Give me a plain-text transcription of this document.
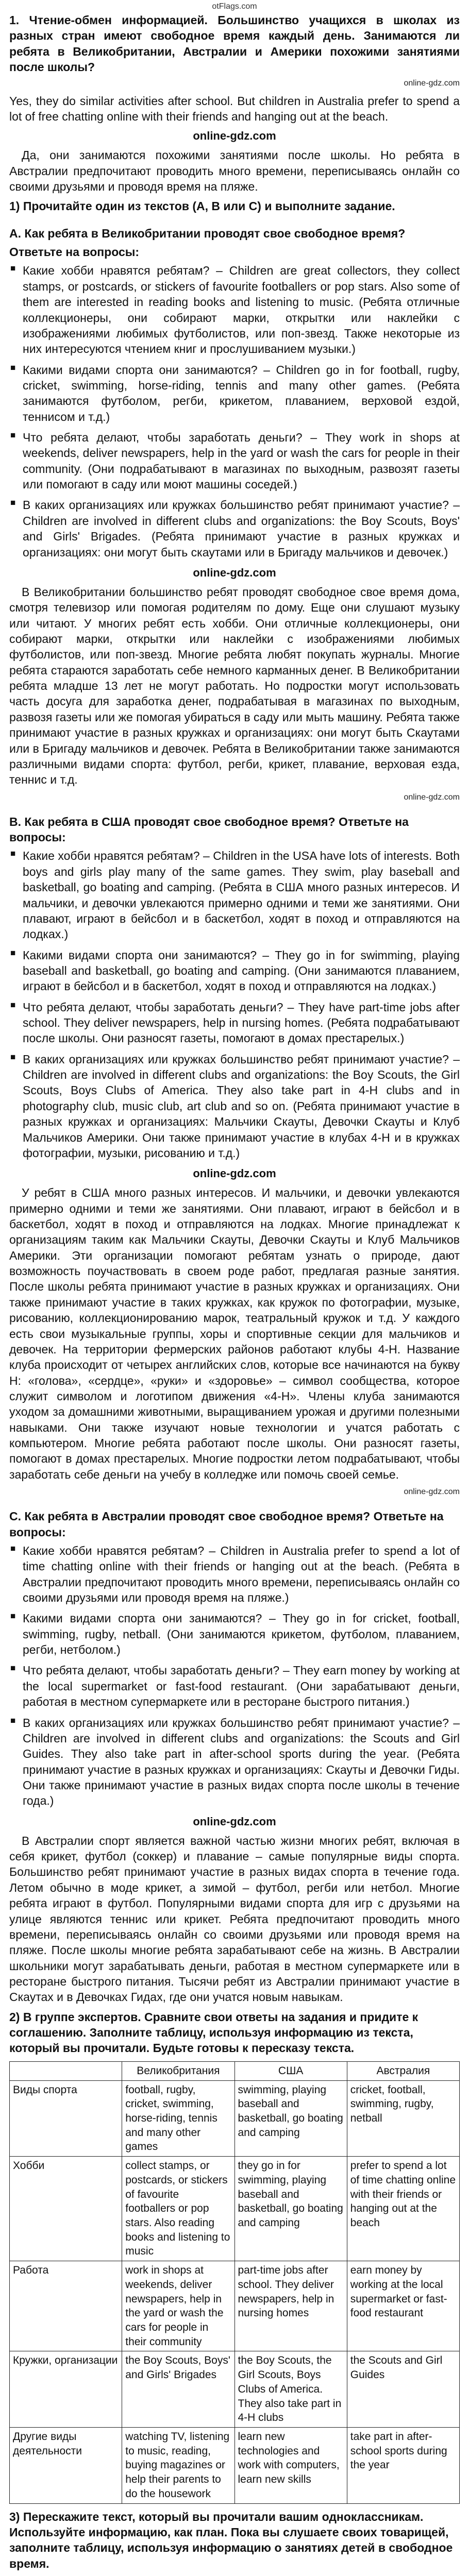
otFlags.com
1. Чтение-обмен информацией. Большинство учащихся в школах из разных стран имеют свободное время каждый день. Занимаются ли ребята в Великобритании, Австралии и Америки похожими занятиями после школы?
online-gdz.com

Yes, they do similar activities after school. But children in Australia prefer to spend a lot of free chatting online with their friends and hanging out at the beach.

online-gdz.com

Да, они занимаются похожими занятиями после школы. Но ребята в Австралии предпочитают проводить много времени, переписываясь онлайн со своими друзьями и проводя время на пляже.

1) Прочитайте один из текстов (A, B или C) и выполните задание.
А. Как ребята в Великобритании проводят свое свободное время?
Ответьте на вопросы:
■ Какие хобби нравятся ребятам? – Children are great collectors, they collect stamps, or postcards, or stickers of favourite footballers or pop stars. Also some of them are interested in reading books and listening to music. (Ребята отличные коллекционеры, они собирают марки, открытки или наклейки с изображениями любимых футболистов, или поп-звезд. Также некоторые из них интересуются чтением книг и прослушиванием музыки.)
■ Какими видами спорта они занимаются? – Children go in for football, rugby, cricket, swimming, horse-riding, tennis and many other games. (Ребята занимаются футболом, регби, крикетом, плаванием, верховой ездой, теннисом и т.д.)
■ Что ребята делают, чтобы заработать деньги? – They work in shops at weekends, deliver newspapers, help in the yard or wash the cars for people in their community. (Они подрабатывают в магазинах по выходным, развозят газеты или помогают в саду или моют машины соседей.)
■ В каких организациях или кружках большинство ребят принимают участие? – Children are involved in different clubs and organizations: the Boy Scouts, Boys' and Girls' Brigades. (Ребята принимают участие в разных кружках и организациях: они могут быть скаутами или в Бригаду мальчиков и девочек.)
online-gdz.com

В Великобритании большинство ребят проводят свободное свое время дома, смотря телевизор или помогая родителям по дому. Еще они слушают музыку или читают. У многих ребят есть хобби. Они отличные коллекционеры, они собирают марки, открытки или наклейки с изображениями любимых футболистов, или поп-звезд. Многие ребята любят покупать журналы. Многие ребята стараются заработать себе немного карманных денег. В Великобритании ребята младше 13 лет не могут работать. Но подростки могут использовать часть досуга для заработка денег, подрабатывая в магазинах по выходным, развозя газеты или же помогая убираться в саду или мыть машину. Ребята также принимают участие в разных кружках и организациях: они могут быть Скаутами или в Бригаду мальчиков и девочек. Ребята в Великобритании также занимаются различными видами спорта: футбол, регби, крикет, плавание, верховая езда, теннис и т.д.

online-gdz.com
В. Как ребята в США проводят свое свободное время? Ответьте на вопросы:
■ Какие хобби нравятся ребятам? – Children in the USA have lots of interests. Both boys and girls play many of the same games. They swim, play baseball and basketball, go boating and camping. (Ребята в США много разных интересов. И мальчики, и девочки увлекаются примерно одними и теми же занятиями. Они плавают, играют в бейсбол и в баскетбол, ходят в поход и отправляются на лодках.)
■ Какими видами спорта они занимаются? – They go in for swimming, playing baseball and basketball, go boating and camping. (Они занимаются плаванием, играют в бейсбол и в баскетбол, ходят в поход и отправляются на лодках.)
■ Что ребята делают, чтобы заработать деньги? – They have part-time jobs after school. They deliver newspapers, help in nursing homes. (Ребята подрабатывают после школы. Они разносят газеты, помогают в домах престарелых.)
■ В каких организациях или кружках большинство ребят принимают участие? – Children are involved in different clubs and organizations: the Boy Scouts, the Girl Scouts, Boys Clubs of America. They also take part in 4-H clubs and in photography club, music club, art club and so on. (Ребята принимают участие в разных кружках и организациях: Мальчики Скауты, Девочки Скауты и Клуб Мальчиков Америки. Они также принимают участие в клубах 4-Н и в кружках фотографии, музыки, рисованию и т.д.)
online-gdz.com

У ребят в США много разных интересов. И мальчики, и девочки увлекаются примерно одними и теми же занятиями. Они плавают, играют в бейсбол и в баскетбол, ходят в поход и отправляются на лодках. Многие принадлежат к организациям таким как Мальчики Скауты, Девочки Скауты и Клуб Мальчиков Америки. Эти организации помогают ребятам узнать о природе, дают возможность поучаствовать в своем роде работ, предлагая разные занятия. После школы ребята принимают участие в разных кружках и организациях. Они также принимают участие в таких кружках, как кружок по фотографии, музыке, рисованию, коллекционированию марок, театральный кружок и т.д. У каждого есть свои музыкальные группы, хоры и спортивные секции для мальчиков и девочек. На территории фермерских районов работают клубы 4-Н. Название клуба происходит от четырех английских слов, которые все начинаются на букву Н: «голова», «сердце», «руки» и «здоровье» – символ сообщества, которое служит символом и логотипом движения «4-Н». Члены клуба занимаются уходом за домашними животными, выращиванием урожая и другими полезными навыками. Они также изучают новые технологии и учатся работать с компьютером. Многие ребята работают после школы. Они разносят газеты, помогают в домах престарелых. Многие подростки летом подрабатывают, чтобы заработать себе деньги на учебу в колледже или помочь своей семье.

online-gdz.com
С. Как ребята в Австралии проводят свое свободное время? Ответьте на вопросы:
■ Какие хобби нравятся ребятам? – Children in Australia prefer to spend a lot of time chatting online with their friends or hanging out at the beach. (Ребята в Австралии предпочитают проводить много времени, переписываясь онлайн со своими друзьями или проводя время на пляже.)
■ Какими видами спорта они занимаются? – They go in for cricket, football, swimming, rugby, netball. (Они занимаются крикетом, футболом, плаванием, регби, нетболом.)
■ Что ребята делают, чтобы заработать деньги? – They earn money by working at the local supermarket or fast-food restaurant. (Они зарабатывают деньги, работая в местном супермаркете или в ресторане быстрого питания.)
■ В каких организациях или кружках большинство ребят принимают участие? – Children are involved in different clubs and organizations: the Scouts and Girl Guides. They also take part in after-school sports during the year. (Ребята принимают участие в разных кружках и организациях: Скауты и Девочки Гиды. Они также принимают участие в разных видах спорта после школы в течение года.)
online-gdz.com

В Австралии спорт является важной частью жизни многих ребят, включая в себя крикет, футбол (соккер) и плавание – самые популярные виды спорта. Большинство ребят принимают участие в разных видах спорта в течение года. Летом обычно в моде крикет, а зимой – футбол, регби или нетбол. Многие ребята играют в футбол. Популярными видами спорта для игр с друзьями на улице являются теннис или крикет. Ребята предпочитают проводить много времени, переписываясь онлайн со своими друзьями или проводя время на пляже. После школы многие ребята зарабатывают себе на жизнь. В Австралии школьники могут зарабатывать деньги, работая в местном супермаркете или в ресторане быстрого питания. Тысячи ребят из Австралии принимают участие в Скаутах и в Девочках Гидах, где они учатся новым навыкам.

2) В группе экспертов. Сравните свои ответы на задания и придите к соглашению. Заполните таблицу, используя информацию из текста, который вы прочитали. Будьте готовы к пересказу текста.
	Великобритания	США	Австралия
Виды спорта	football, rugby, cricket, swimming, horse-riding, tennis and many other games	swimming, playing baseball and basketball, go boating and camping	cricket, football, swimming, rugby, netball
Хобби	collect stamps, or postcards, or stickers of favourite footballers or pop stars. Also reading books and listening to music	they go in for swimming, playing baseball and basketball, go boating and camping	prefer to spend a lot of time chatting online with their friends or hanging out at the beach
Работа	work in shops at weekends, deliver newspapers, help in the yard or wash the cars for people in their community	part-time jobs after school. They deliver newspapers, help in nursing homes	earn money by working at the local supermarket or fast-food restaurant
Кружки, организации	the Boy Scouts, Boys' and Girls' Brigades	the Boy Scouts, the Girl Scouts, Boys Clubs of America. They also take part in 4-H clubs	the Scouts and Girl Guides
Другие виды деятельности	watching TV, listening to music, reading, buying magazines or help their parents to do the housework	learn new technologies and work with computers, learn new skills	take part in after-school sports during the year
3) Перескажите текст, который вы прочитали вашим одноклассникам. Используйте информацию, как план. Пока вы слушаете своих товарищей, заполните таблицу, используя информацию о занятиях детей в свободное время.
